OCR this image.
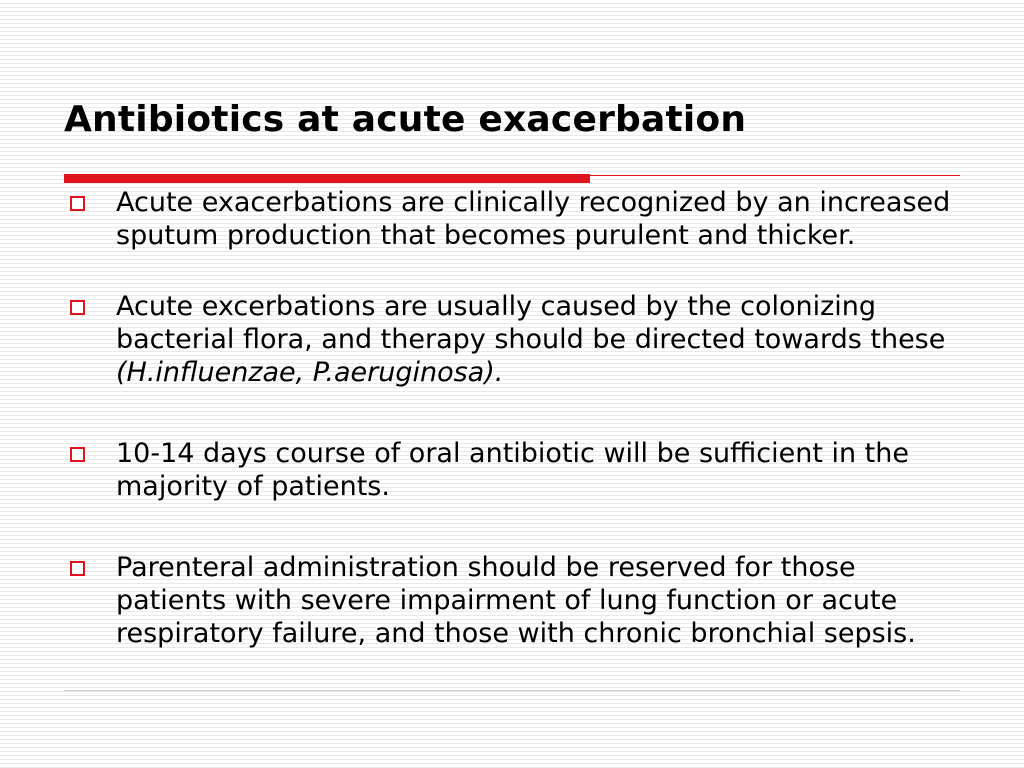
Antibiotics at acute exacerbation
Acute exacerbations are clinically recognized by an increased sputum production that becomes purulent and thicker.
Acute excerbations are usually caused by the colonizing bacterial flora, and therapy should be directed towards these (H.influenzae, P.aeruginosa).
10-14 days course of oral antibiotic will be sufficient in the majority of patients.
Parenteral administration should be reserved for those patients with severe impairment of lung function or acute respiratory failure, and those with chronic bronchial sepsis.
